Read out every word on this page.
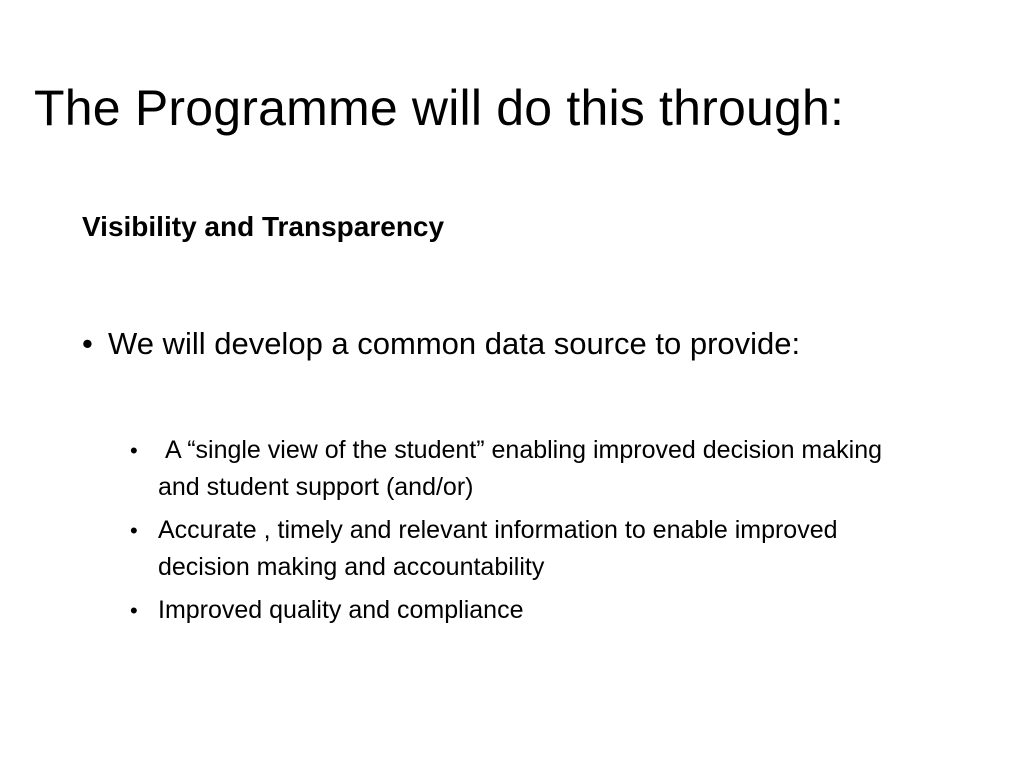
The Programme will do this through:
Visibility and Transparency
• We will develop a common data source to provide:
• A “single view of the student” enabling improved decision making and student support (and/or)
• Accurate , timely and relevant information to enable improved decision making and accountability
• Improved quality and compliance
